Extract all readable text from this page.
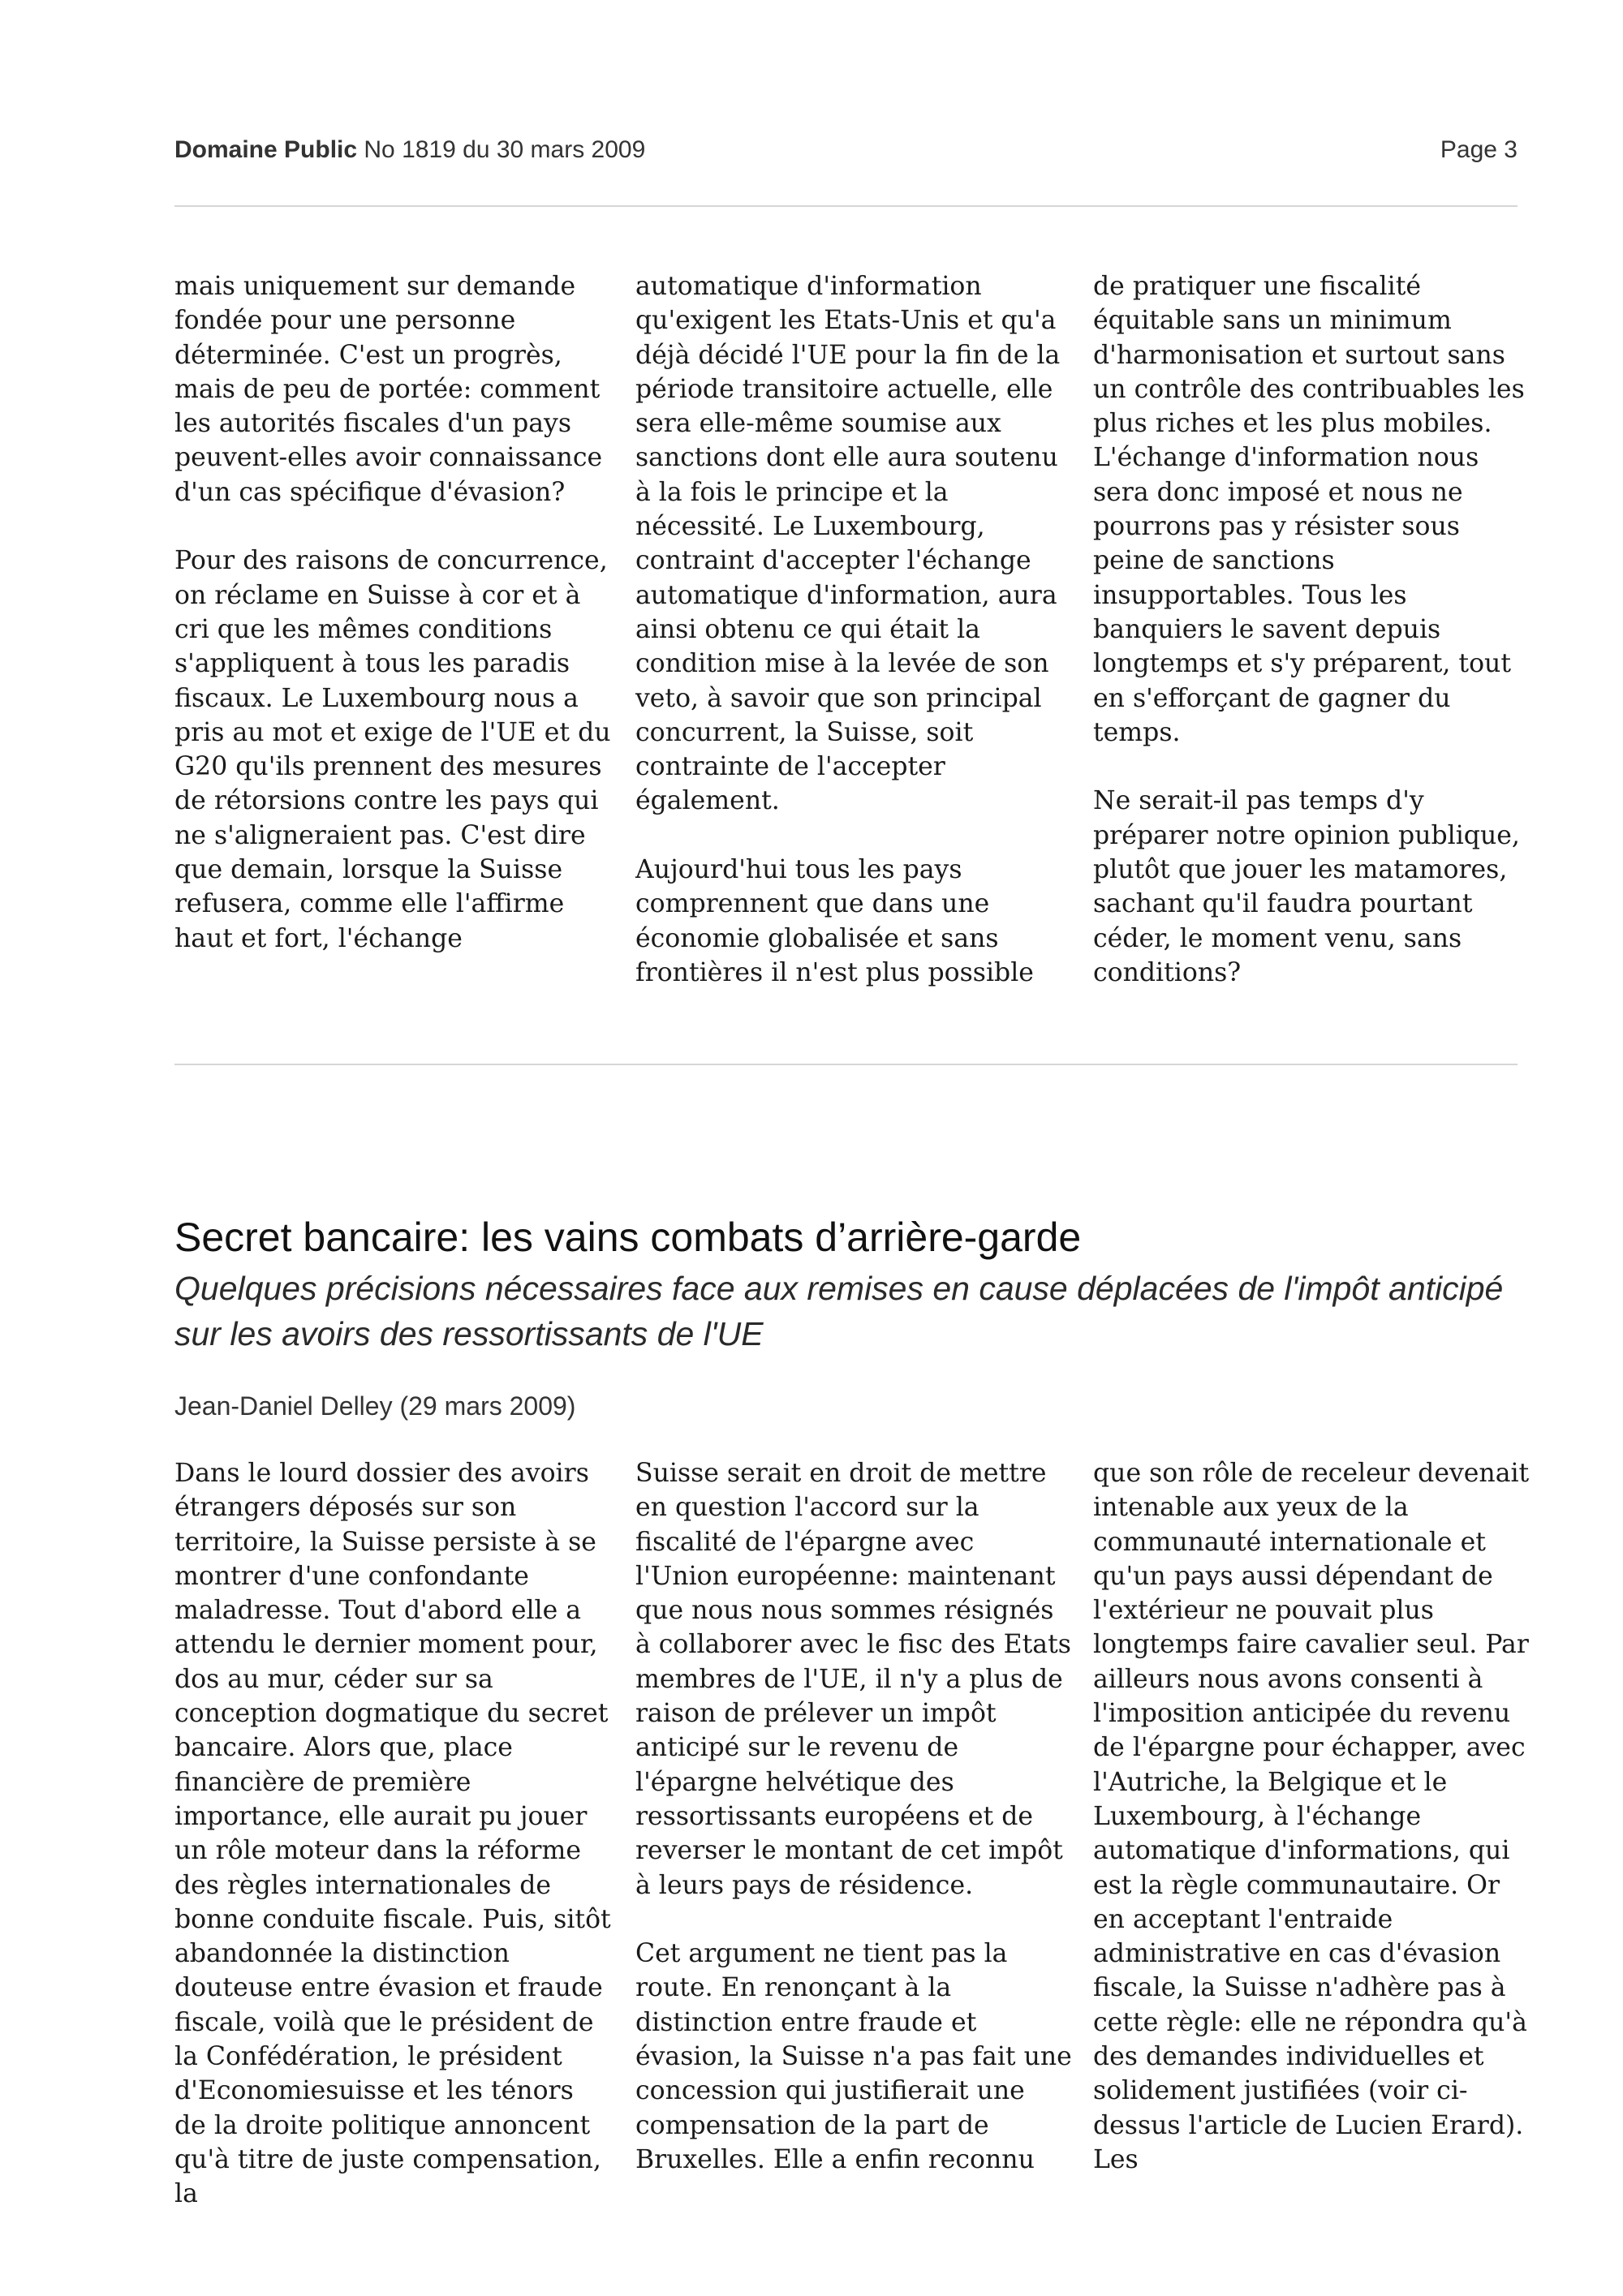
Domaine Public No 1819 du 30 mars 2009	Page 3

mais uniquement sur demande fondée pour une personne déterminée. C'est un progrès, mais de peu de portée: comment les autorités fiscales d'un pays peuvent-elles avoir connaissance d'un cas spécifique d'évasion?

Pour des raisons de concurrence, on réclame en Suisse à cor et à cri que les mêmes conditions s'appliquent à tous les paradis fiscaux. Le Luxembourg nous a pris au mot et exige de l'UE et du G20 qu'ils prennent des mesures de rétorsions contre les pays qui ne s'aligneraient pas. C'est dire que demain, lorsque la Suisse refusera, comme elle l'affirme haut et fort, l'échange

automatique d'information qu'exigent les Etats-Unis et qu'a déjà décidé l'UE pour la fin de la période transitoire actuelle, elle sera elle-même soumise aux sanctions dont elle aura soutenu à la fois le principe et la nécessité. Le Luxembourg, contraint d'accepter l'échange automatique d'information, aura ainsi obtenu ce qui était la condition mise à la levée de son veto, à savoir que son principal concurrent, la Suisse, soit contrainte de l'accepter également.

Aujourd'hui tous les pays comprennent que dans une économie globalisée et sans frontières il n'est plus possible

de pratiquer une fiscalité équitable sans un minimum d'harmonisation et surtout sans un contrôle des contribuables les plus riches et les plus mobiles. L'échange d'information nous sera donc imposé et nous ne pourrons pas y résister sous peine de sanctions insupportables. Tous les banquiers le savent depuis longtemps et s'y préparent, tout en s'efforçant de gagner du temps.

Ne serait-il pas temps d'y préparer notre opinion publique, plutôt que jouer les matamores, sachant qu'il faudra pourtant céder, le moment venu, sans conditions?

Secret bancaire: les vains combats d’arrière-garde
Quelques précisions nécessaires face aux remises en cause déplacées de l'impôt anticipé sur les avoirs des ressortissants de l'UE
Jean-Daniel Delley (29 mars 2009)

Dans le lourd dossier des avoirs étrangers déposés sur son territoire, la Suisse persiste à se montrer d'une confondante maladresse. Tout d'abord elle a attendu le dernier moment pour, dos au mur, céder sur sa conception dogmatique du secret bancaire. Alors que, place financière de première importance, elle aurait pu jouer un rôle moteur dans la réforme des règles internationales de bonne conduite fiscale. Puis, sitôt abandonnée la distinction douteuse entre évasion et fraude fiscale, voilà que le président de la Confédération, le président d'Economiesuisse et les ténors de la droite politique annoncent qu'à titre de juste compensation, la

Suisse serait en droit de mettre en question l'accord sur la fiscalité de l'épargne avec l'Union européenne: maintenant que nous nous sommes résignés à collaborer avec le fisc des Etats membres de l'UE, il n'y a plus de raison de prélever un impôt anticipé sur le revenu de l'épargne helvétique des ressortissants européens et de reverser le montant de cet impôt à leurs pays de résidence.

Cet argument ne tient pas la route. En renonçant à la distinction entre fraude et évasion, la Suisse n'a pas fait une concession qui justifierait une compensation de la part de Bruxelles. Elle a enfin reconnu

que son rôle de receleur devenait intenable aux yeux de la communauté internationale et qu'un pays aussi dépendant de l'extérieur ne pouvait plus longtemps faire cavalier seul. Par ailleurs nous avons consenti à l'imposition anticipée du revenu de l'épargne pour échapper, avec l'Autriche, la Belgique et le Luxembourg, à l'échange automatique d'informations, qui est la règle communautaire. Or en acceptant l'entraide administrative en cas d'évasion fiscale, la Suisse n'adhère pas à cette règle: elle ne répondra qu'à des demandes individuelles et solidement justifiées (voir ci-dessus l'article de Lucien Erard). Les
